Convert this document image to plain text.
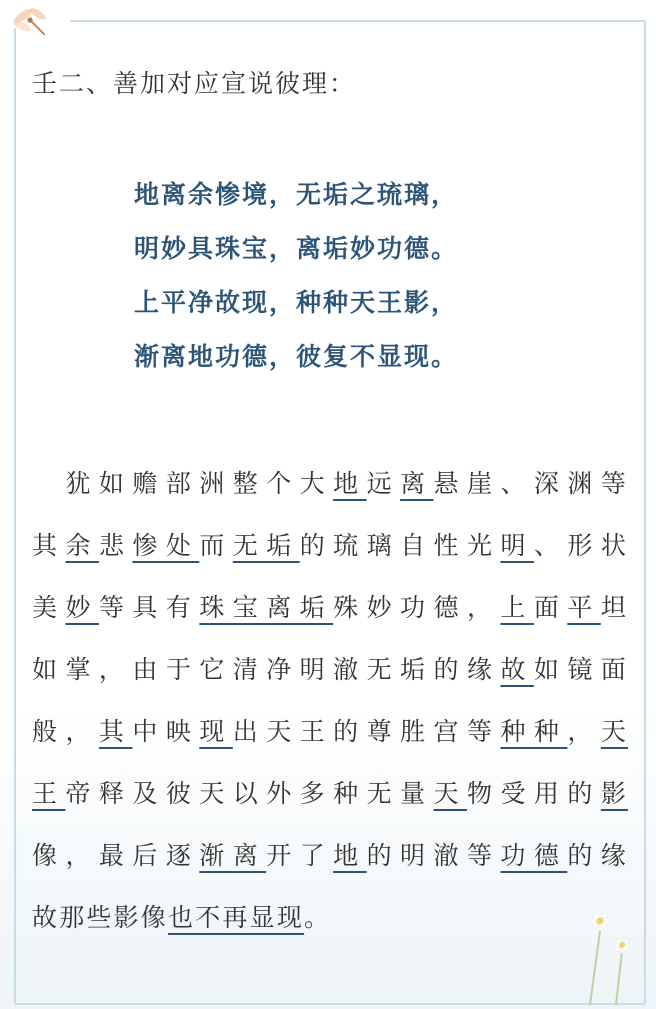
壬二、善加对应宣说彼理：
地离余惨境，无垢之琉璃，
明妙具珠宝，离垢妙功德。
上平净故现，种种天王影，
渐离地功德，彼复不显现。
　犹如赡部洲整个大地远离悬崖、深渊等
其余悲惨处而无垢的琉璃自性光明、形状
美妙等具有珠宝离垢殊妙功德，上面平坦
如掌，由于它清净明澈无垢的缘故如镜面
般，其中映现出天王的尊胜宫等种种，天
王帝释及彼天以外多种无量天物受用的影
像，最后逐渐离开了地的明澈等功德的缘
故那些影像也不再显现。
